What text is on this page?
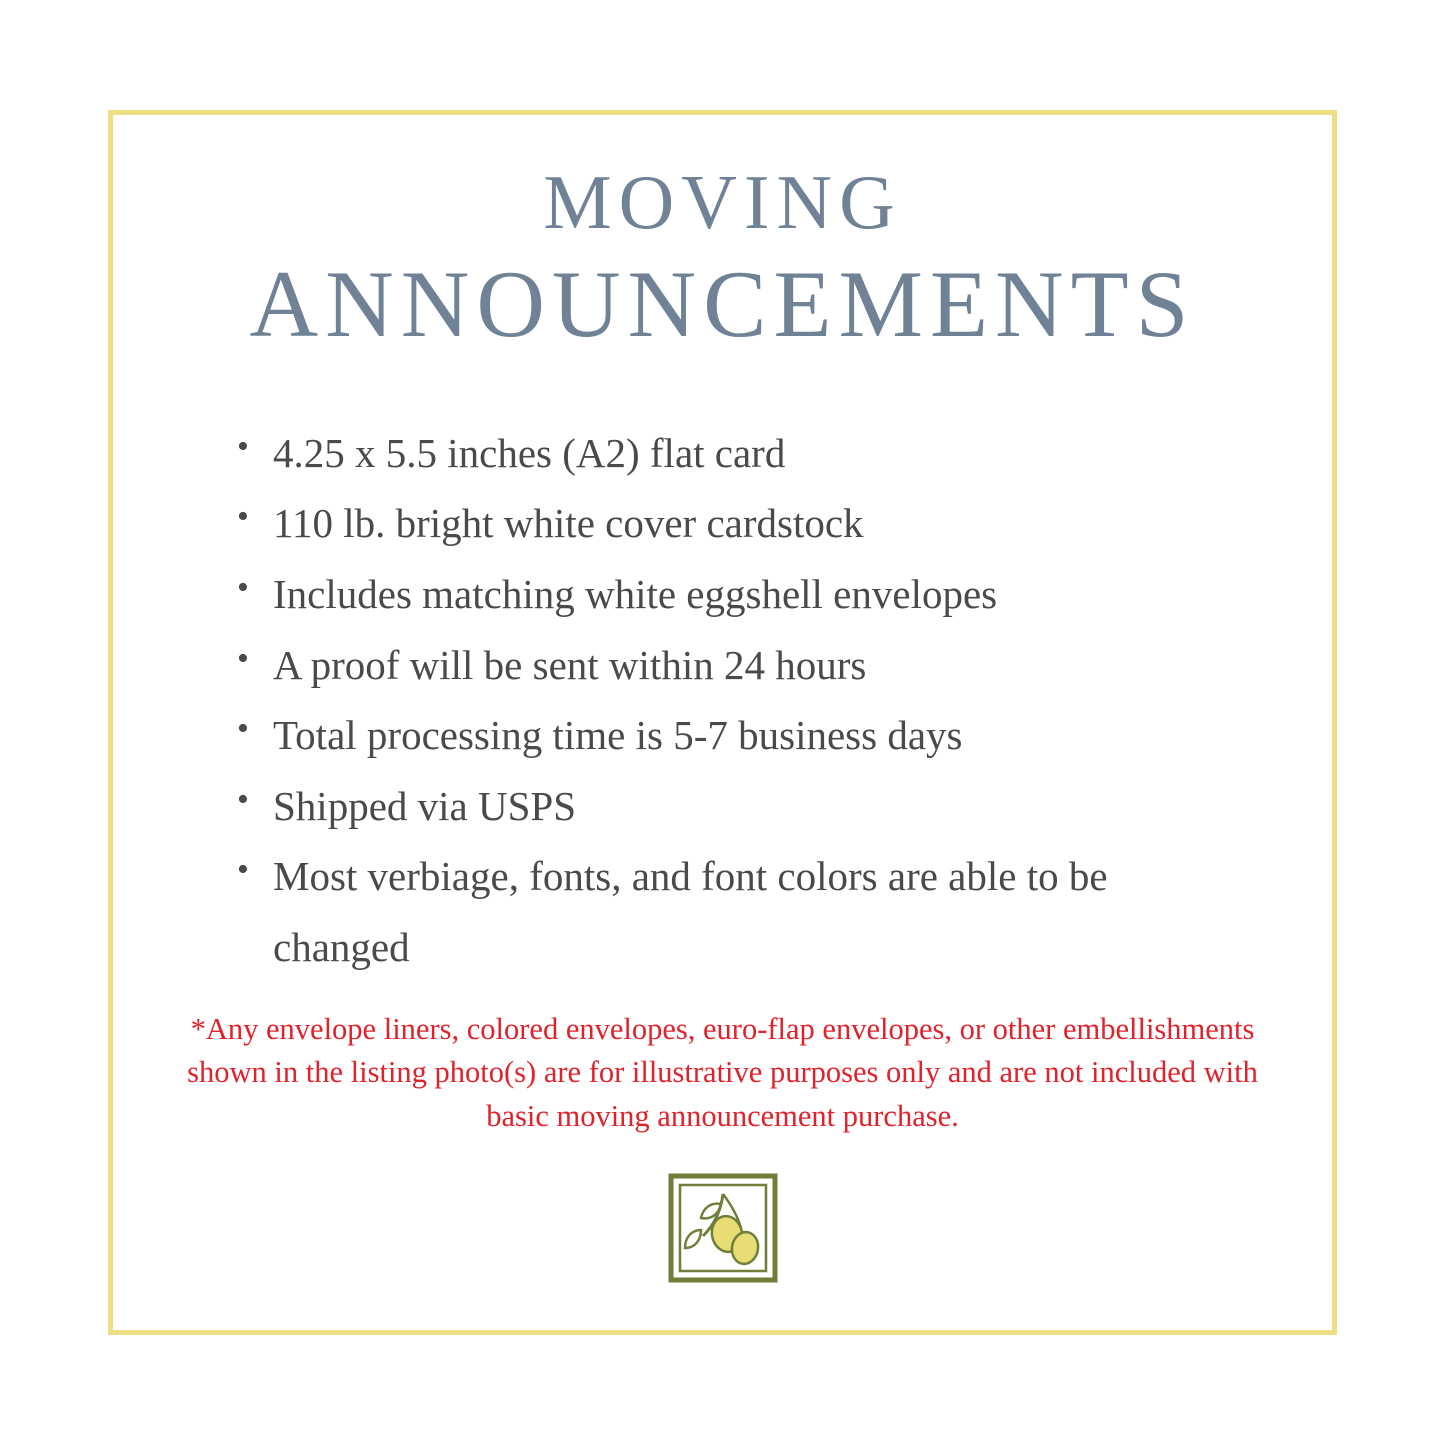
MOVING
ANNOUNCEMENTS
• 4.25 x 5.5 inches (A2) flat card
• 110 lb. bright white cover cardstock
• Includes matching white eggshell envelopes
• A proof will be sent within 24 hours
• Total processing time is 5-7 business days
• Shipped via USPS
• Most verbiage, fonts, and font colors are able to be changed

*Any envelope liners, colored envelopes, euro-flap envelopes, or other embellishments shown in the listing photo(s) are for illustrative purposes only and are not included with basic moving announcement purchase.
